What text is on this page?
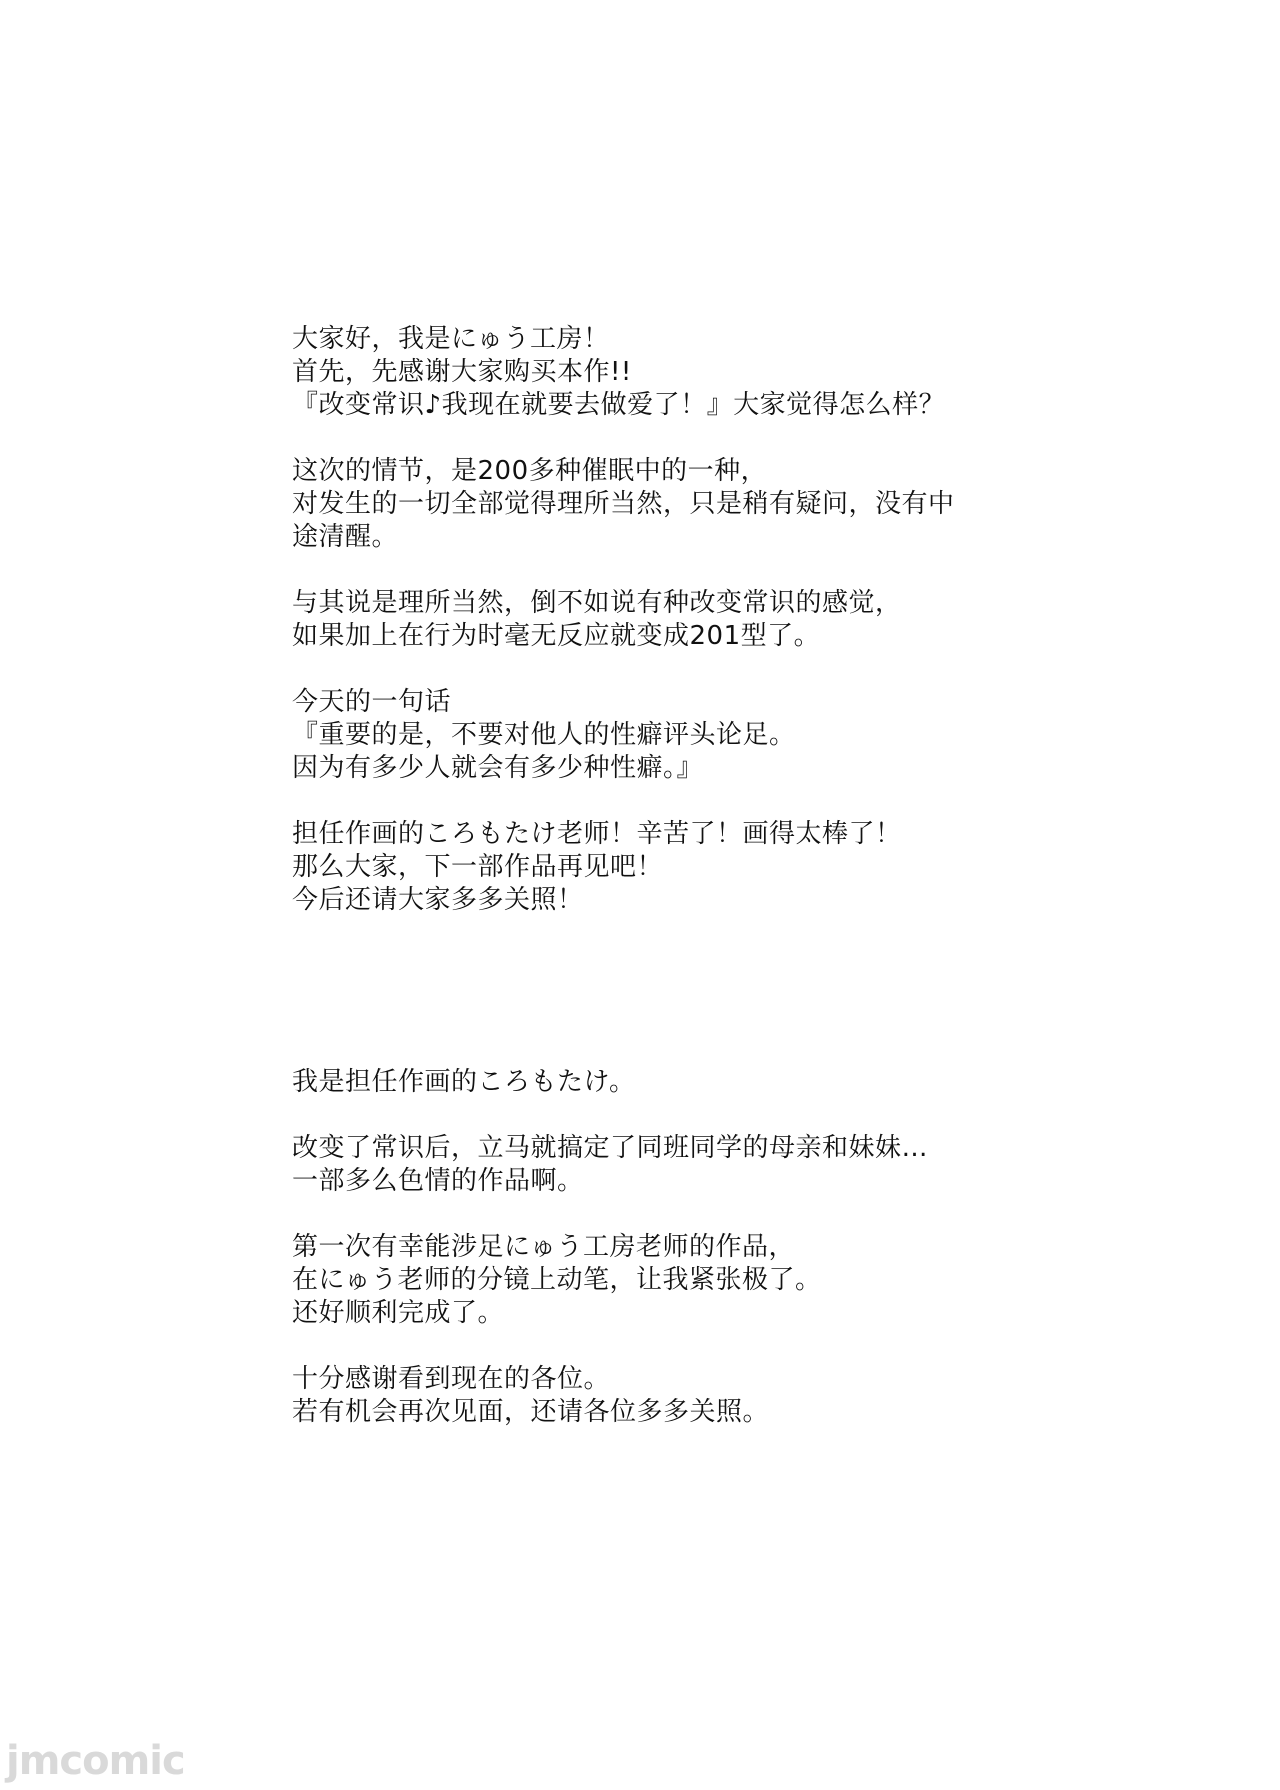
大家好，我是にゅう工房！
首先，先感谢大家购买本作!!
『改变常识♪我现在就要去做爱了！』大家觉得怎么样？
这次的情节，是200多种催眠中的一种，
对发生的一切全部觉得理所当然，只是稍有疑问，没有中
途清醒。
与其说是理所当然，倒不如说有种改变常识的感觉，
如果加上在行为时毫无反应就变成201型了。
今天的一句话
『重要的是，不要对他人的性癖评头论足。
因为有多少人就会有多少种性癖。』
担任作画的ころもたけ老师！辛苦了！画得太棒了！
那么大家，下一部作品再见吧！
今后还请大家多多关照！
我是担任作画的ころもたけ。
改变了常识后，立马就搞定了同班同学的母亲和妹妹…
一部多么色情的作品啊。
第一次有幸能涉足にゅう工房老师的作品，
在にゅう老师的分镜上动笔，让我紧张极了。
还好顺利完成了。
十分感谢看到现在的各位。
若有机会再次见面，还请各位多多关照。
jmcomic
